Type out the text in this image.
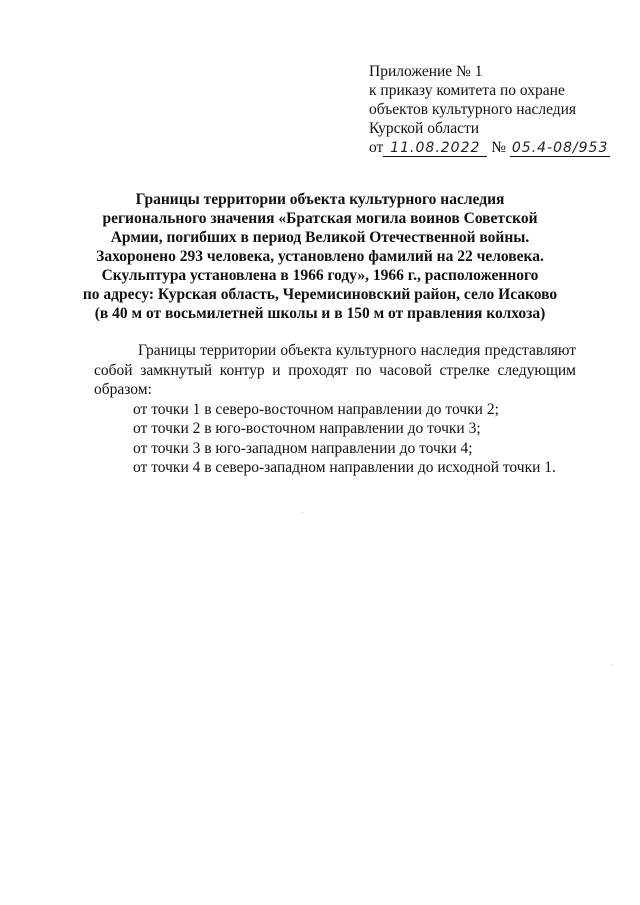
Приложение № 1
к приказу комитета по охране
объектов культурного наследия
Курской области
от 11.08.2022 № 05.4-08/953
Границы территории объекта культурного наследия
регионального значения «Братская могила воинов Советской
Армии, погибших в период Великой Отечественной войны.
Захоронено 293 человека, установлено фамилий на 22 человека.
Скульптура установлена в 1966 году», 1966 г., расположенного
по адресу: Курская область, Черемисиновский район, село Исаково
(в 40 м от восьмилетней школы и в 150 м от правления колхоза)
Границы территории объекта культурного наследия представляют
собой замкнутый контур и проходят по часовой стрелке следующим
образом:
от точки 1 в северо-восточном направлении до точки 2;
от точки 2 в юго-восточном направлении до точки 3;
от точки 3 в юго-западном направлении до точки 4;
от точки 4 в северо-западном направлении до исходной точки 1.
